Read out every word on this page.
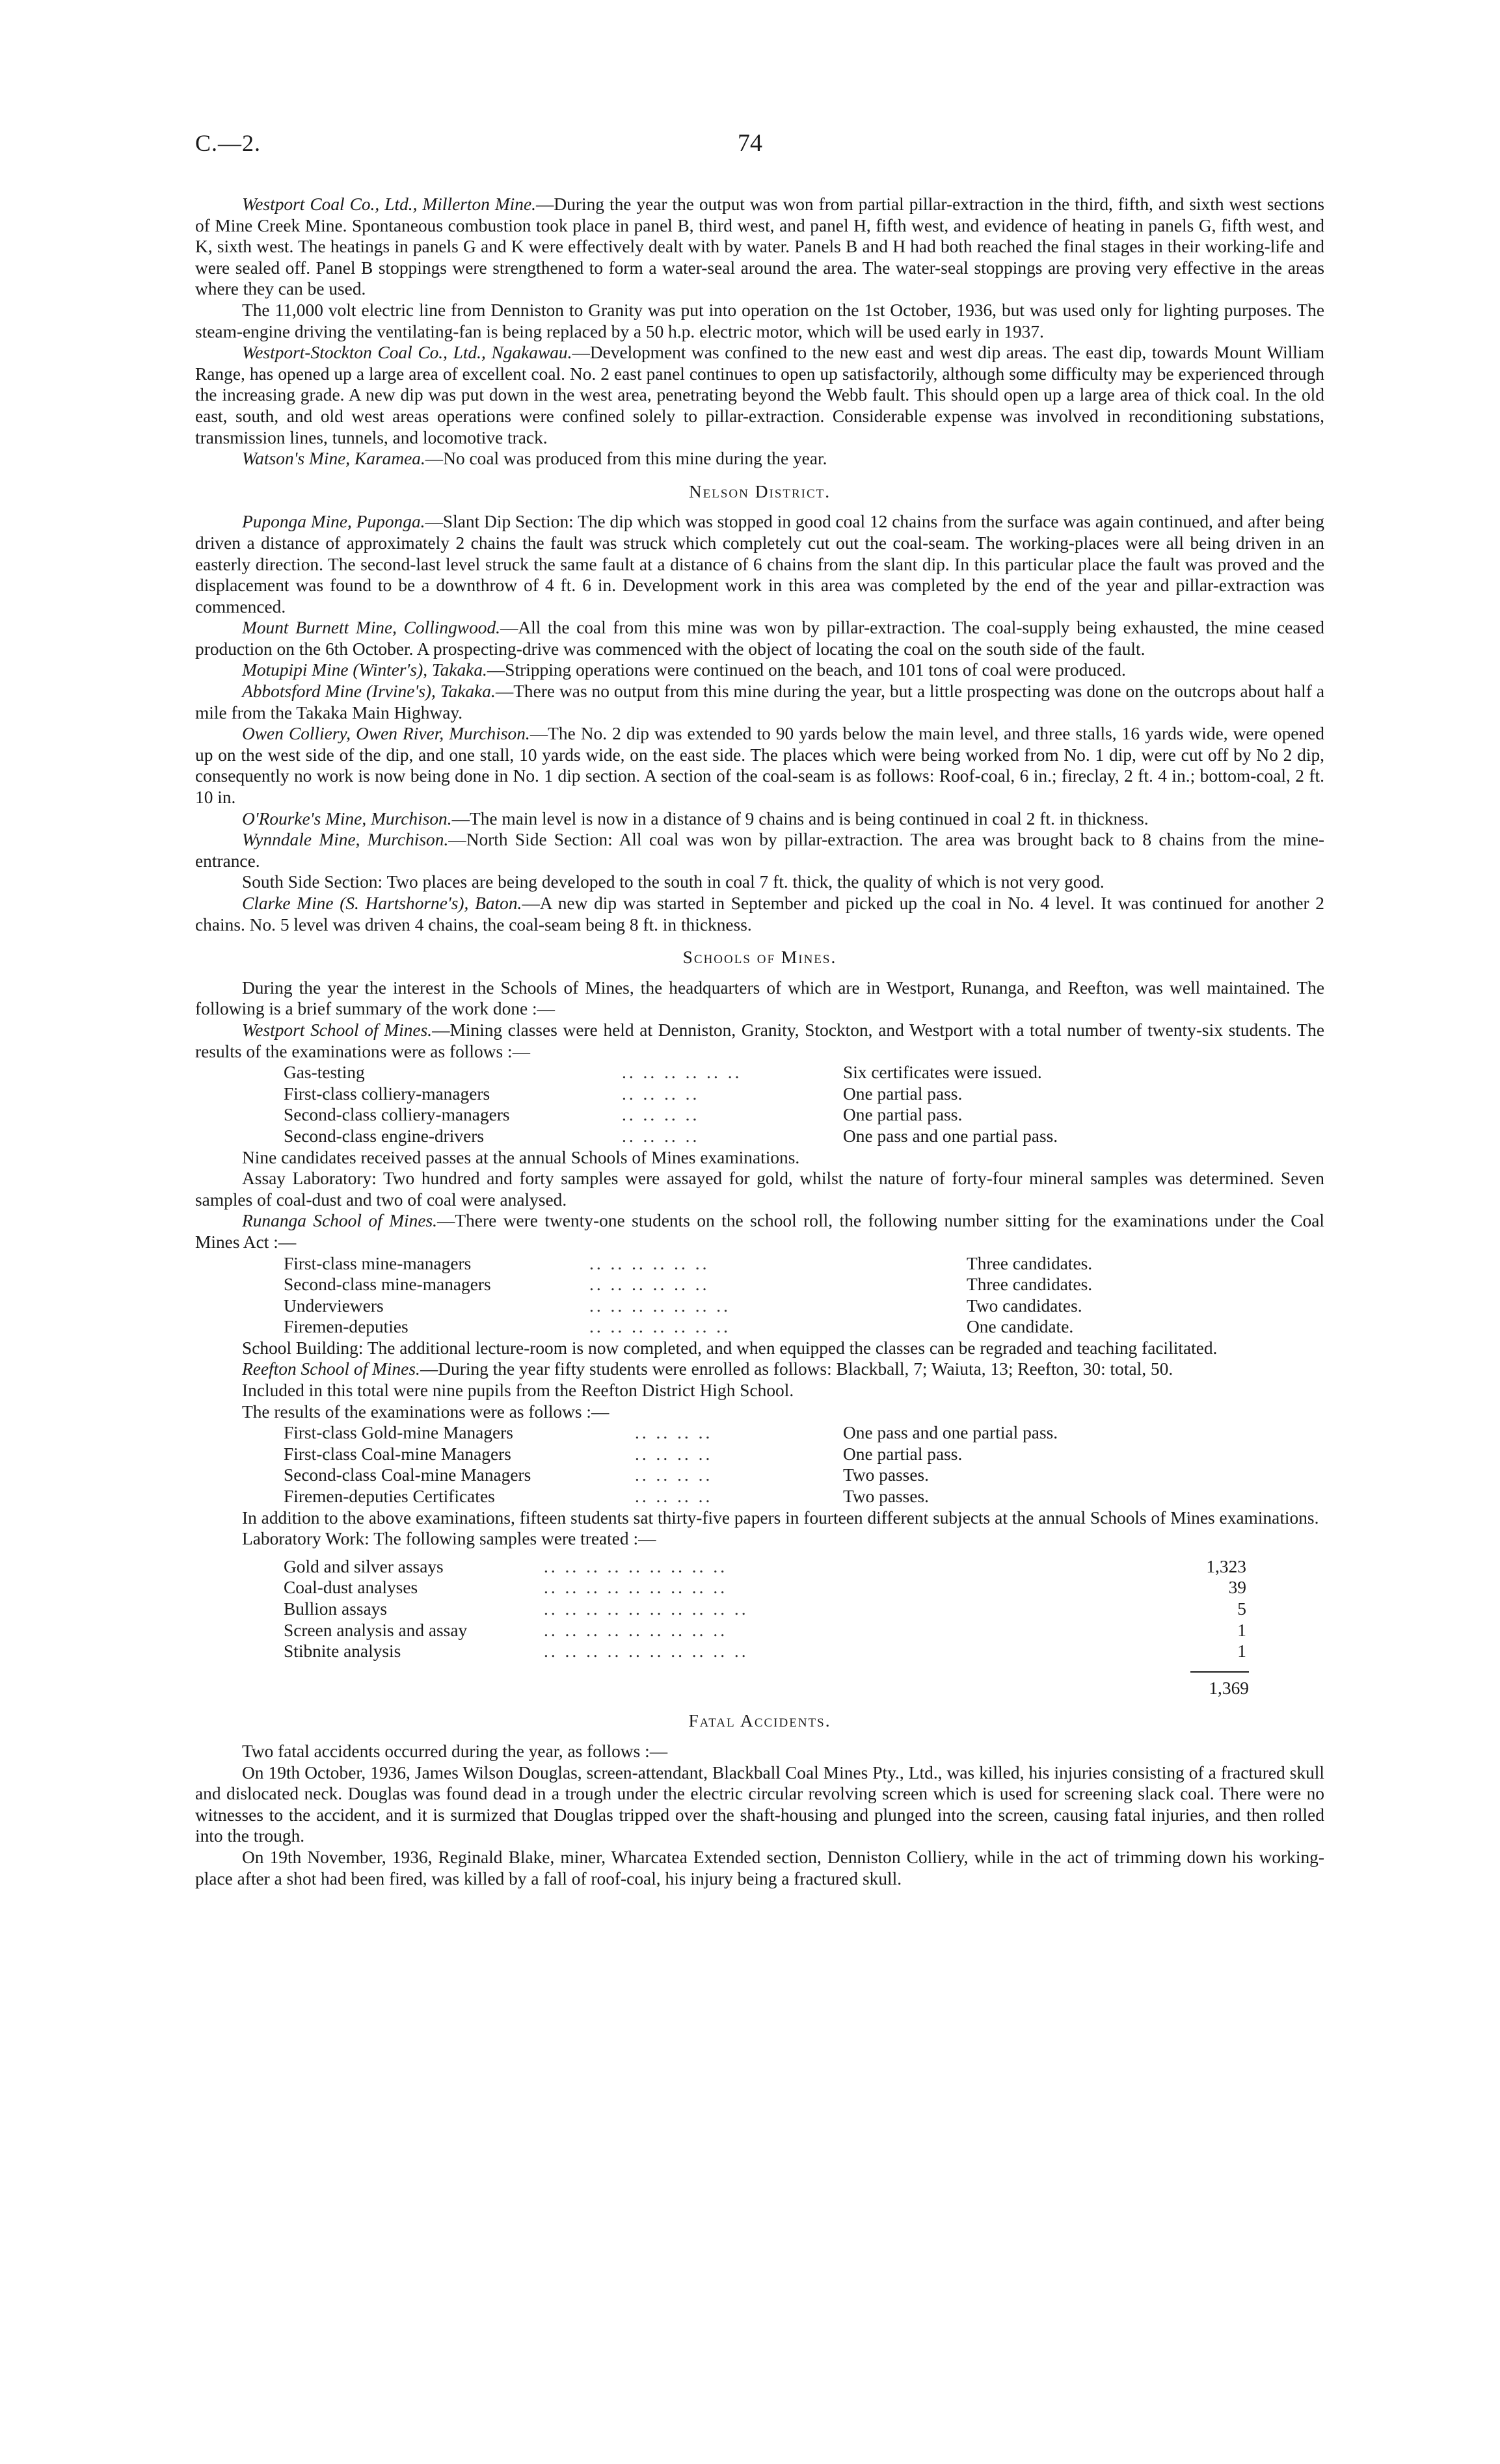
C.—2.	74

Westport Coal Co., Ltd., Millerton Mine.—During the year the output was won from partial pillar-extraction in the third, fifth, and sixth west sections of Mine Creek Mine. Spontaneous combustion took place in panel B, third west, and panel H, fifth west, and evidence of heating in panels G, fifth west, and K, sixth west. The heatings in panels G and K were effectively dealt with by water. Panels B and H had both reached the final stages in their working-life and were sealed off. Panel B stoppings were strengthened to form a water-seal around the area. The water-seal stoppings are proving very effective in the areas where they can be used.

The 11,000 volt electric line from Denniston to Granity was put into operation on the 1st October, 1936, but was used only for lighting purposes. The steam-engine driving the ventilating-fan is being replaced by a 50 h.p. electric motor, which will be used early in 1937.

Westport-Stockton Coal Co., Ltd., Ngakawau.—Development was confined to the new east and west dip areas. The east dip, towards Mount William Range, has opened up a large area of excellent coal. No. 2 east panel continues to open up satisfactorily, although some difficulty may be experienced through the increasing grade. A new dip was put down in the west area, penetrating beyond the Webb fault. This should open up a large area of thick coal. In the old east, south, and old west areas operations were confined solely to pillar-extraction. Considerable expense was involved in reconditioning substations, transmission lines, tunnels, and locomotive track.

Watson's Mine, Karamea.—No coal was produced from this mine during the year.

Nelson District.

Puponga Mine, Puponga.—Slant Dip Section: The dip which was stopped in good coal 12 chains from the surface was again continued, and after being driven a distance of approximately 2 chains the fault was struck which completely cut out the coal-seam. The working-places were all being driven in an easterly direction. The second-last level struck the same fault at a distance of 6 chains from the slant dip. In this particular place the fault was proved and the displacement was found to be a downthrow of 4 ft. 6 in. Development work in this area was completed by the end of the year and pillar-extraction was commenced.

Mount Burnett Mine, Collingwood.—All the coal from this mine was won by pillar-extraction. The coal-supply being exhausted, the mine ceased production on the 6th October. A prospecting-drive was commenced with the object of locating the coal on the south side of the fault.

Motupipi Mine (Winter's), Takaka.—Stripping operations were continued on the beach, and 101 tons of coal were produced.

Abbotsford Mine (Irvine's), Takaka.—There was no output from this mine during the year, but a little prospecting was done on the outcrops about half a mile from the Takaka Main Highway.

Owen Colliery, Owen River, Murchison.—The No. 2 dip was extended to 90 yards below the main level, and three stalls, 16 yards wide, were opened up on the west side of the dip, and one stall, 10 yards wide, on the east side. The places which were being worked from No. 1 dip, were cut off by No 2 dip, consequently no work is now being done in No. 1 dip section. A section of the coal-seam is as follows: Roof-coal, 6 in.; fireclay, 2 ft. 4 in.; bottom-coal, 2 ft. 10 in.

O'Rourke's Mine, Murchison.—The main level is now in a distance of 9 chains and is being continued in coal 2 ft. in thickness.

Wynndale Mine, Murchison.—North Side Section: All coal was won by pillar-extraction. The area was brought back to 8 chains from the mine-entrance.

South Side Section: Two places are being developed to the south in coal 7 ft. thick, the quality of which is not very good.

Clarke Mine (S. Hartshorne's), Baton.—A new dip was started in September and picked up the coal in No. 4 level. It was continued for another 2 chains. No. 5 level was driven 4 chains, the coal-seam being 8 ft. in thickness.

Schools of Mines.

During the year the interest in the Schools of Mines, the headquarters of which are in Westport, Runanga, and Reefton, was well maintained. The following is a brief summary of the work done :—

Westport School of Mines.—Mining classes were held at Denniston, Granity, Stockton, and Westport with a total number of twenty-six students. The results of the examinations were as follows :—

Gas-testing	.. .. .. .. .. ..	Six certificates were issued.
First-class colliery-managers	.. .. .. ..	One partial pass.
Second-class colliery-managers	.. .. .. ..	One partial pass.
Second-class engine-drivers	.. .. .. ..	One pass and one partial pass.

Nine candidates received passes at the annual Schools of Mines examinations.

Assay Laboratory: Two hundred and forty samples were assayed for gold, whilst the nature of forty-four mineral samples was determined. Seven samples of coal-dust and two of coal were analysed.

Runanga School of Mines.—There were twenty-one students on the school roll, the following number sitting for the examinations under the Coal Mines Act :—

First-class mine-managers	.. .. .. .. .. ..	Three candidates.
Second-class mine-managers	.. .. .. .. .. ..	Three candidates.
Underviewers	.. .. .. .. .. .. ..	Two candidates.
Firemen-deputies	.. .. .. .. .. .. ..	One candidate.

School Building: The additional lecture-room is now completed, and when equipped the classes can be regraded and teaching facilitated.

Reefton School of Mines.—During the year fifty students were enrolled as follows: Blackball, 7; Waiuta, 13; Reefton, 30: total, 50.

Included in this total were nine pupils from the Reefton District High School.

The results of the examinations were as follows :—

First-class Gold-mine Managers	.. .. .. ..	One pass and one partial pass.
First-class Coal-mine Managers	.. .. .. ..	One partial pass.
Second-class Coal-mine Managers	.. .. .. ..	Two passes.
Firemen-deputies Certificates	.. .. .. ..	Two passes.

In addition to the above examinations, fifteen students sat thirty-five papers in fourteen different subjects at the annual Schools of Mines examinations.

Laboratory Work: The following samples were treated :—

Gold and silver assays	.. .. .. .. .. .. .. .. ..	1,323
Coal-dust analyses	.. .. .. .. .. .. .. .. ..	39
Bullion assays	.. .. .. .. .. .. .. .. .. ..	5
Screen analysis and assay	.. .. .. .. .. .. .. .. ..	1
Stibnite analysis	.. .. .. .. .. .. .. .. .. ..	1
1,369
Fatal Accidents.

Two fatal accidents occurred during the year, as follows :—

On 19th October, 1936, James Wilson Douglas, screen-attendant, Blackball Coal Mines Pty., Ltd., was killed, his injuries consisting of a fractured skull and dislocated neck. Douglas was found dead in a trough under the electric circular revolving screen which is used for screening slack coal. There were no witnesses to the accident, and it is surmized that Douglas tripped over the shaft-housing and plunged into the screen, causing fatal injuries, and then rolled into the trough.

On 19th November, 1936, Reginald Blake, miner, Wharcatea Extended section, Denniston Colliery, while in the act of trimming down his working-place after a shot had been fired, was killed by a fall of roof-coal, his injury being a fractured skull.
